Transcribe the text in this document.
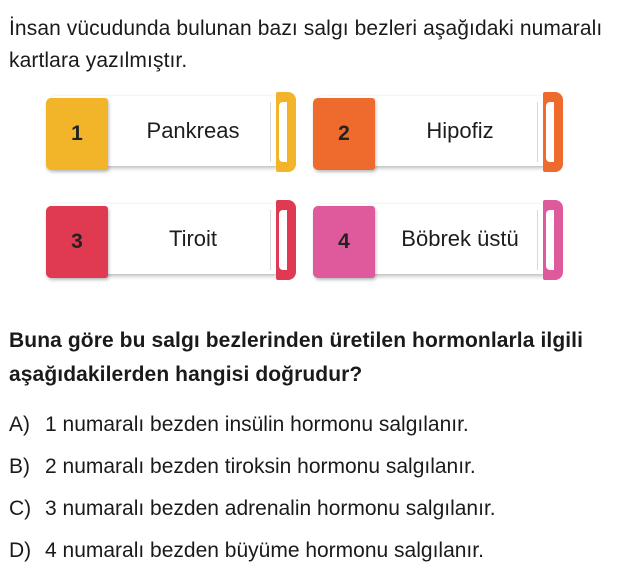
İnsan vücudunda bulunan bazı salgı bezleri aşağıdaki numaralı kartlara yazılmıştır.
1	Pankreas	2	Hipofiz
3	Tiroit	4	Böbrek üstü
Buna göre bu salgı bezlerinden üretilen hormonlarla ilgili aşağıdakilerden hangisi doğrudur?
A) 1 numaralı bezden insülin hormonu salgılanır.
B) 2 numaralı bezden tiroksin hormonu salgılanır.
C) 3 numaralı bezden adrenalin hormonu salgılanır.
D) 4 numaralı bezden büyüme hormonu salgılanır.
